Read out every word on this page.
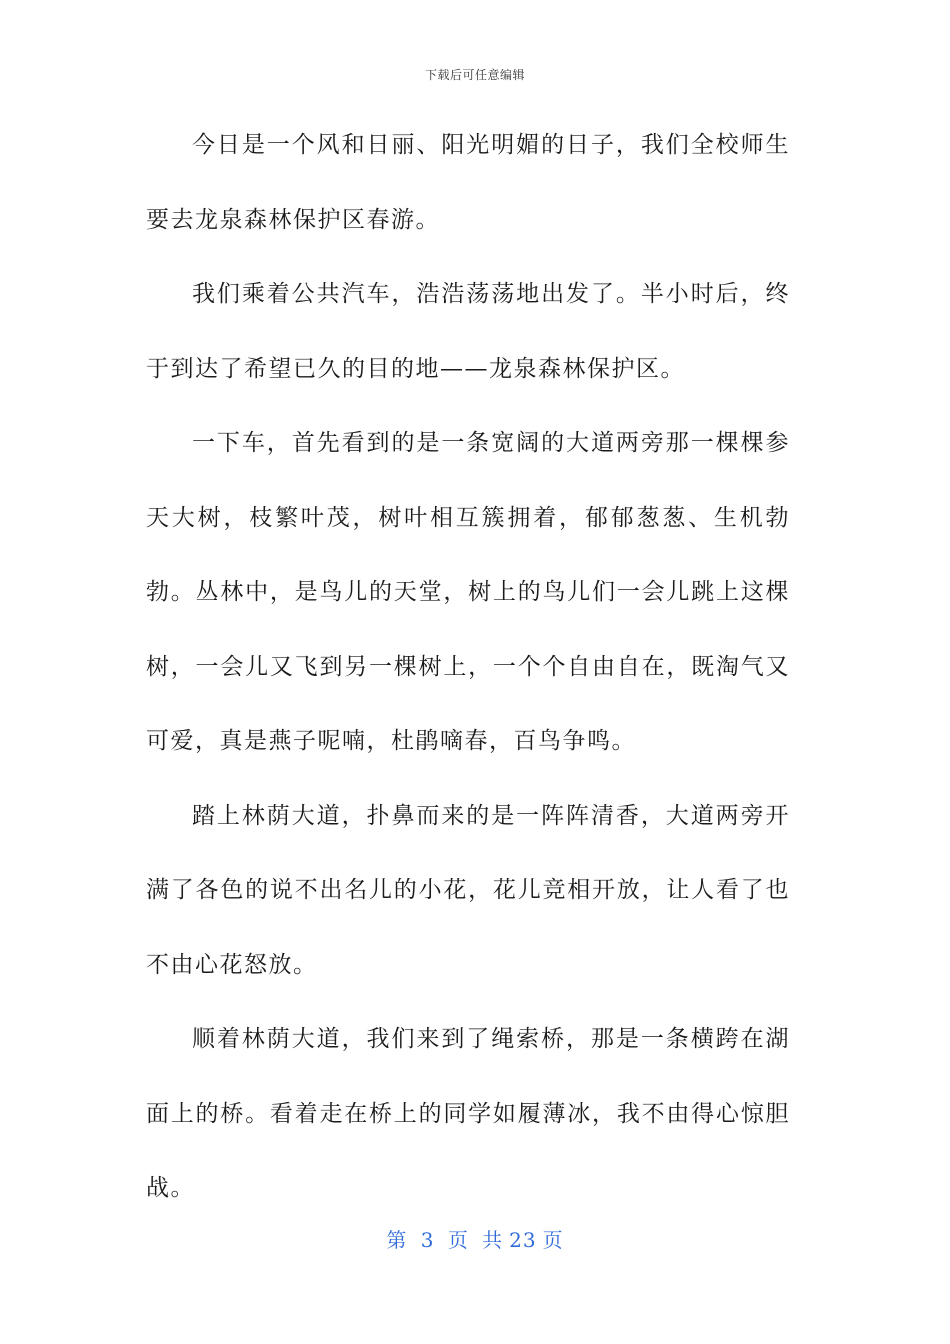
下载后可任意编辑

今日是一个风和日丽、阳光明媚的日子，我们全校师生要去龙泉森林保护区春游。

我们乘着公共汽车，浩浩荡荡地出发了。半小时后，终于到达了希望已久的目的地——龙泉森林保护区。

一下车，首先看到的是一条宽阔的大道两旁那一棵棵参天大树，枝繁叶茂，树叶相互簇拥着，郁郁葱葱、生机勃勃。丛林中，是鸟儿的天堂，树上的鸟儿们一会儿跳上这棵树，一会儿又飞到另一棵树上，一个个自由自在，既淘气又可爱，真是燕子呢喃，杜鹃嘀春，百鸟争鸣。

踏上林荫大道，扑鼻而来的是一阵阵清香，大道两旁开满了各色的说不出名儿的小花，花儿竞相开放，让人看了也不由心花怒放。

顺着林荫大道，我们来到了绳索桥，那是一条横跨在湖面上的桥。看着走在桥上的同学如履薄冰，我不由得心惊胆战。

第 3 页 共 23 页
